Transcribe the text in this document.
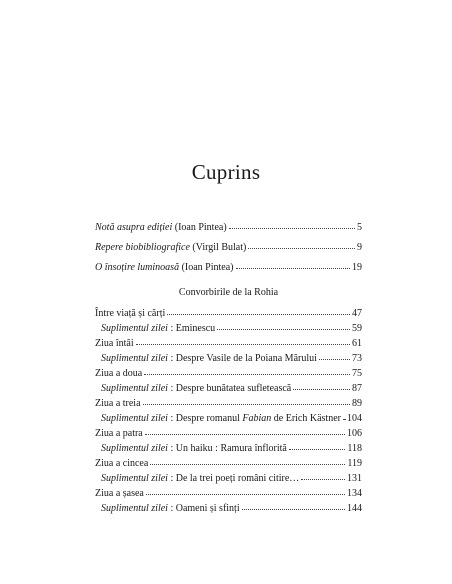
Cuprins
Notă asupra ediției (Ioan Pintea)	5
Repere biobibliografice (Virgil Bulat)	9
O însoțire luminoasă (Ioan Pintea)	19
Convorbirile de la Rohia
Între viață și cărți	47
Suplimentul zilei : Eminescu	59
Ziua întâi	61
Suplimentul zilei : Despre Vasile de la Poiana Mărului	73
Ziua a doua	75
Suplimentul zilei : Despre bunătatea sufletească	87
Ziua a treia	89
Suplimentul zilei : Despre romanul Fabian de Erich Kästner 104
Ziua a patra	106
Suplimentul zilei : Un haiku : Ramura înflorită	118
Ziua a cincea	119
Suplimentul zilei : De la trei poeți români citire…	131
Ziua a șasea	134
Suplimentul zilei : Oameni și sfinți	144
